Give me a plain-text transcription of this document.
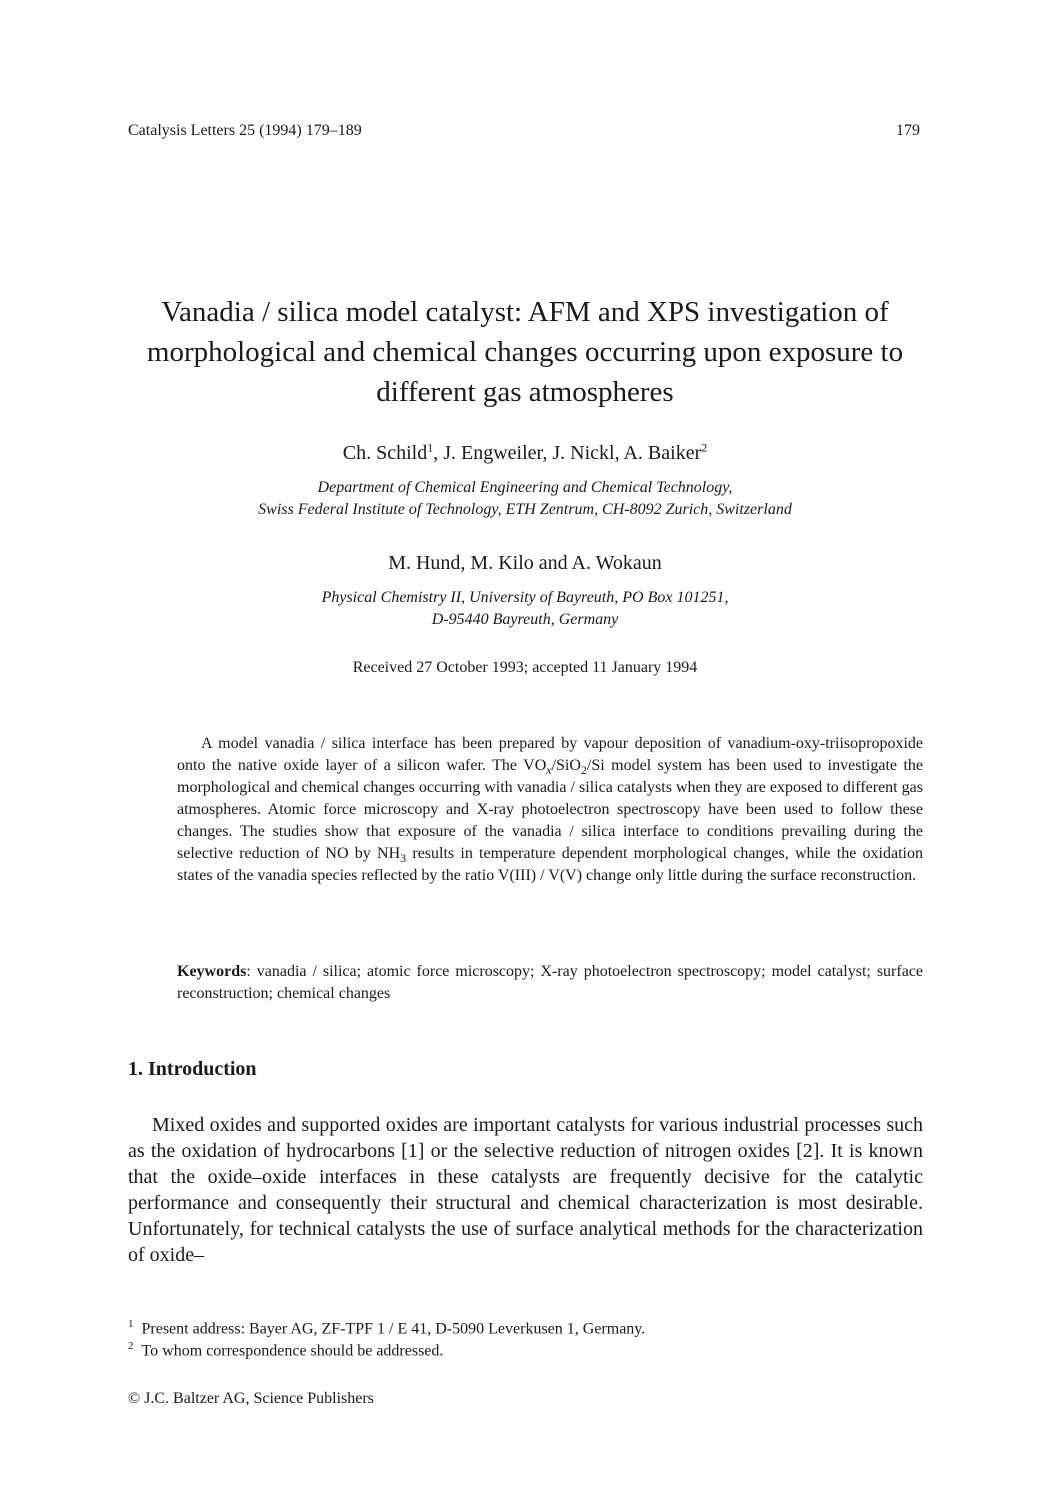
Catalysis Letters 25 (1994) 179–189	179
Vanadia / silica model catalyst: AFM and XPS investigation of morphological and chemical changes occurring upon exposure to different gas atmospheres
Ch. Schild$^1$, J. Engweiler, J. Nickl, A. Baiker$^2$
Department of Chemical Engineering and Chemical Technology,
Swiss Federal Institute of Technology, ETH Zentrum, CH-8092 Zurich, Switzerland
M. Hund, M. Kilo and A. Wokaun
Physical Chemistry II, University of Bayreuth, PO Box 101251,
D-95440 Bayreuth, Germany
Received 27 October 1993; accepted 11 January 1994

A model vanadia / silica interface has been prepared by vapour deposition of vanadium-oxy-triisopropoxide onto the native oxide layer of a silicon wafer. The $VO_x/SiO_2/Si$ model system has been used to investigate the morphological and chemical changes occurring with vanadia / silica catalysts when they are exposed to different gas atmospheres. Atomic force microscopy and X-ray photoelectron spectroscopy have been used to follow these changes. The studies show that exposure of the vanadia / silica interface to conditions prevailing during the selective reduction of NO by $NH_3$ results in temperature dependent morphological changes, while the oxidation states of the vanadia species reflected by the ratio V(III) / V(V) change only little during the surface reconstruction.

Keywords: vanadia / silica; atomic force microscopy; X-ray photoelectron spectroscopy; model catalyst; surface reconstruction; chemical changes

1. Introduction

Mixed oxides and supported oxides are important catalysts for various industrial processes such as the oxidation of hydrocarbons [1] or the selective reduction of nitrogen oxides [2]. It is known that the oxide–oxide interfaces in these catalysts are frequently decisive for the catalytic performance and consequently their structural and chemical characterization is most desirable. Unfortunately, for technical catalysts the use of surface analytical methods for the characterization of oxide–

$^1$ Present address: Bayer AG, ZF-TPF 1 / E 41, D-5090 Leverkusen 1, Germany.
$^2$ To whom correspondence should be addressed.
© J.C. Baltzer AG, Science Publishers
